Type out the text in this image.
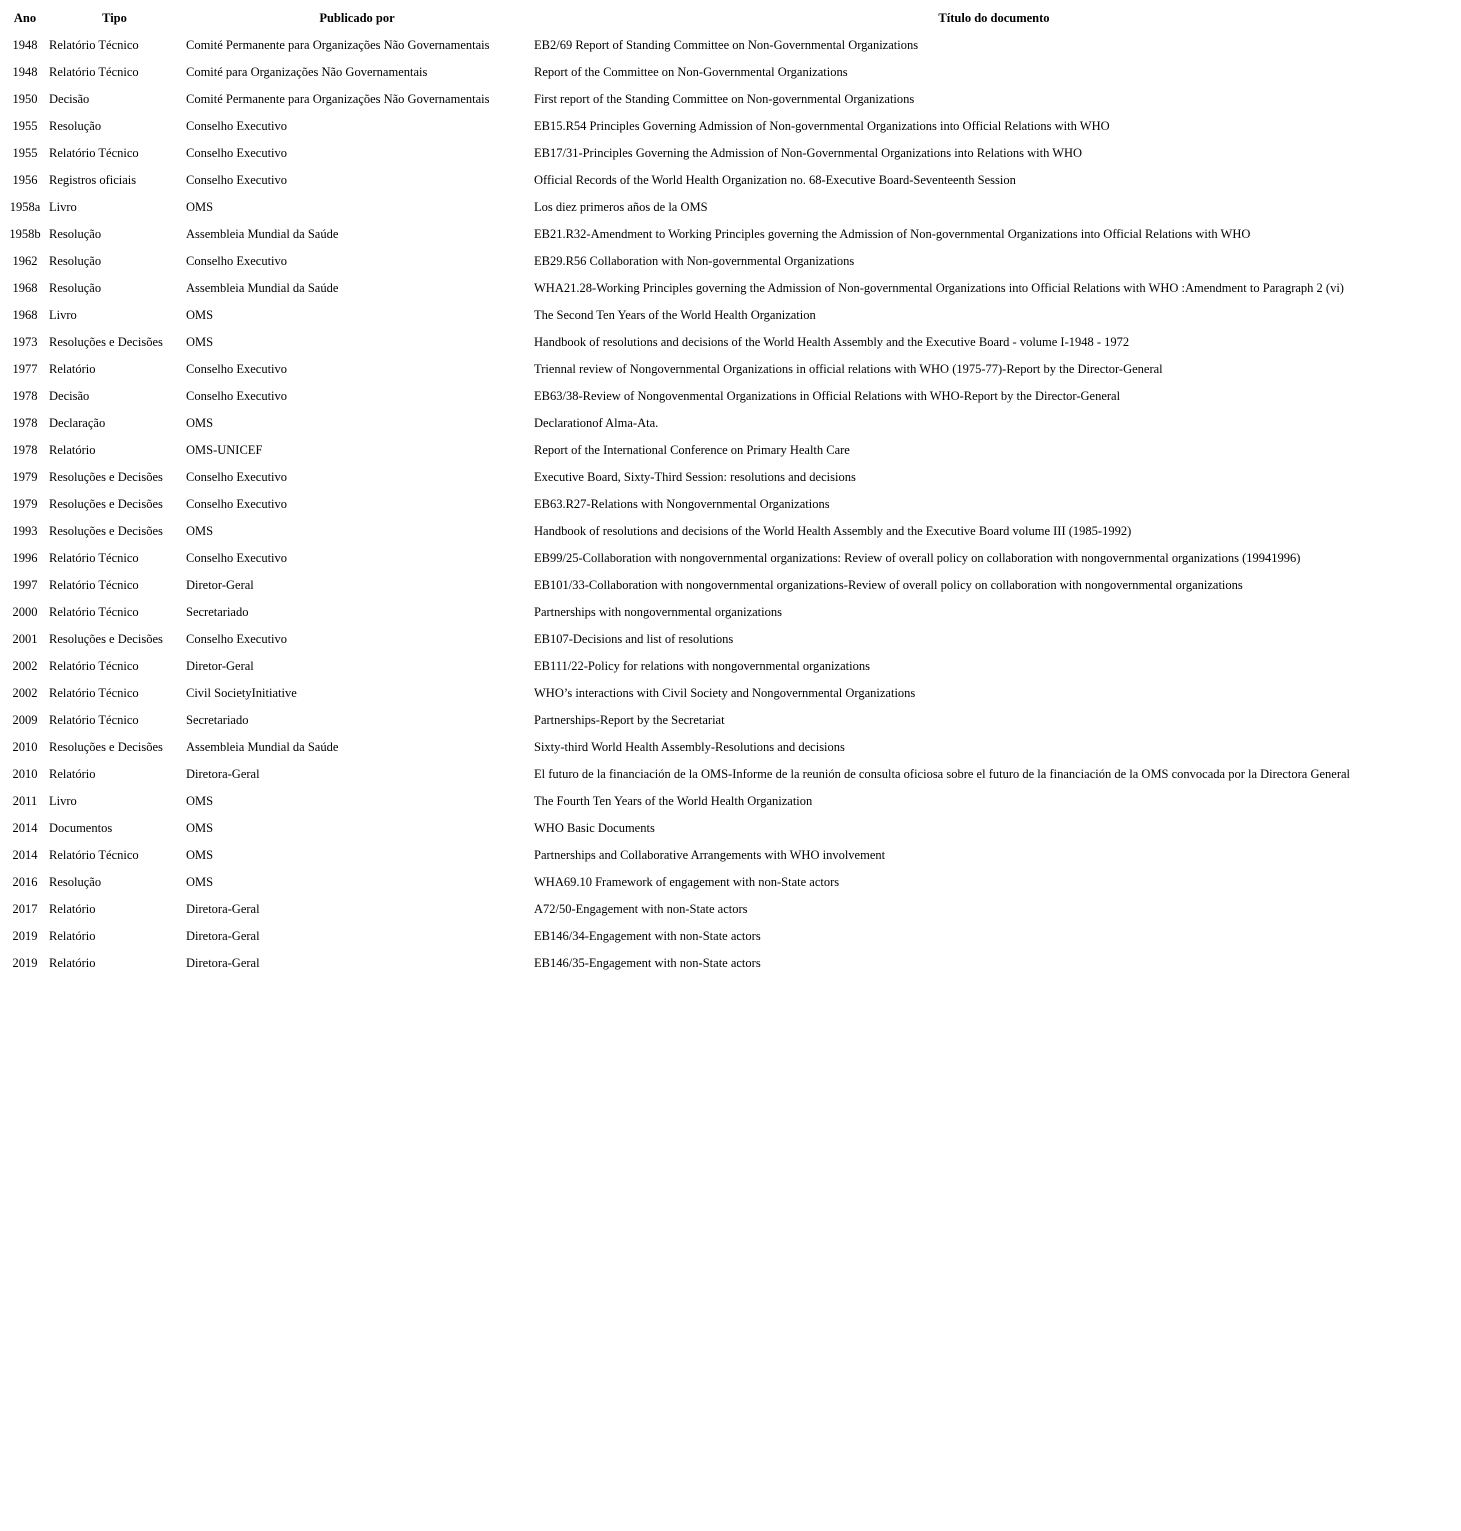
Ano	Tipo	Publicado por	Título do documento
1948	Relatório Técnico	Comité Permanente para Organizações Não Governamentais	EB2/69 Report of Standing Committee on Non-Governmental Organizations
1948	Relatório Técnico	Comité para Organizações Não Governamentais	Report of the Committee on Non-Governmental Organizations
1950	Decisão	Comité Permanente para Organizações Não Governamentais	First report of the Standing Committee on Non-governmental Organizations
1955	Resolução	Conselho Executivo	EB15.R54 Principles Governing Admission of Non-governmental Organizations into Official Relations with WHO
1955	Relatório Técnico	Conselho Executivo	EB17/31-Principles Governing the Admission of Non-Governmental Organizations into Relations with WHO
1956	Registros oficiais	Conselho Executivo	Official Records of the World Health Organization no. 68-Executive Board-Seventeenth Session
1958a	Livro	OMS	Los diez primeros años de la OMS
1958b	Resolução	Assembleia Mundial da Saúde	EB21.R32-Amendment to Working Principles governing the Admission of Non-governmental Organizations into Official Relations with WHO
1962	Resolução	Conselho Executivo	EB29.R56 Collaboration with Non-governmental Organizations
1968	Resolução	Assembleia Mundial da Saúde	WHA21.28-Working Principles governing the Admission of Non-governmental Organizations into Official Relations with WHO :Amendment to Paragraph 2 (vi)
1968	Livro	OMS	The Second Ten Years of the World Health Organization
1973	Resoluções e Decisões	OMS	Handbook of resolutions and decisions of the World Health Assembly and the Executive Board - volume I-1948 - 1972
1977	Relatório	Conselho Executivo	Triennal review of Nongovernmental Organizations in official relations with WHO (1975-77)-Report by the Director-General
1978	Decisão	Conselho Executivo	EB63/38-Review of Nongovenmental Organizations in Official Relations with WHO-Report by the Director-General
1978	Declaração	OMS	Declarationof Alma-Ata.
1978	Relatório	OMS-UNICEF	Report of the International Conference on Primary Health Care
1979	Resoluções e Decisões	Conselho Executivo	Executive Board, Sixty-Third Session: resolutions and decisions
1979	Resoluções e Decisões	Conselho Executivo	EB63.R27-Relations with Nongovernmental Organizations
1993	Resoluções e Decisões	OMS	Handbook of resolutions and decisions of the World Health Assembly and the Executive Board volume III (1985-1992)
1996	Relatório Técnico	Conselho Executivo	EB99/25-Collaboration with nongovernmental organizations: Review of overall policy on collaboration with nongovernmental organizations (19941996)
1997	Relatório Técnico	Diretor-Geral	EB101/33-Collaboration with nongovernmental organizations-Review of overall policy on collaboration with nongovernmental organizations
2000	Relatório Técnico	Secretariado	Partnerships with nongovernmental organizations
2001	Resoluções e Decisões	Conselho Executivo	EB107-Decisions and list of resolutions
2002	Relatório Técnico	Diretor-Geral	EB111/22-Policy for relations with nongovernmental organizations
2002	Relatório Técnico	Civil SocietyInitiative	WHO’s interactions with Civil Society and Nongovernmental Organizations
2009	Relatório Técnico	Secretariado	Partnerships-Report by the Secretariat
2010	Resoluções e Decisões	Assembleia Mundial da Saúde	Sixty-third World Health Assembly-Resolutions and decisions
2010	Relatório	Diretora-Geral	El futuro de la financiación de la OMS-Informe de la reunión de consulta oficiosa sobre el futuro de la financiación de la OMS convocada por la Directora General
2011	Livro	OMS	The Fourth Ten Years of the World Health Organization
2014	Documentos	OMS	WHO Basic Documents
2014	Relatório Técnico	OMS	Partnerships and Collaborative Arrangements with WHO involvement
2016	Resolução	OMS	WHA69.10 Framework of engagement with non-State actors
2017	Relatório	Diretora-Geral	A72/50-Engagement with non-State actors
2019	Relatório	Diretora-Geral	EB146/34-Engagement with non-State actors
2019	Relatório	Diretora-Geral	EB146/35-Engagement with non-State actors
